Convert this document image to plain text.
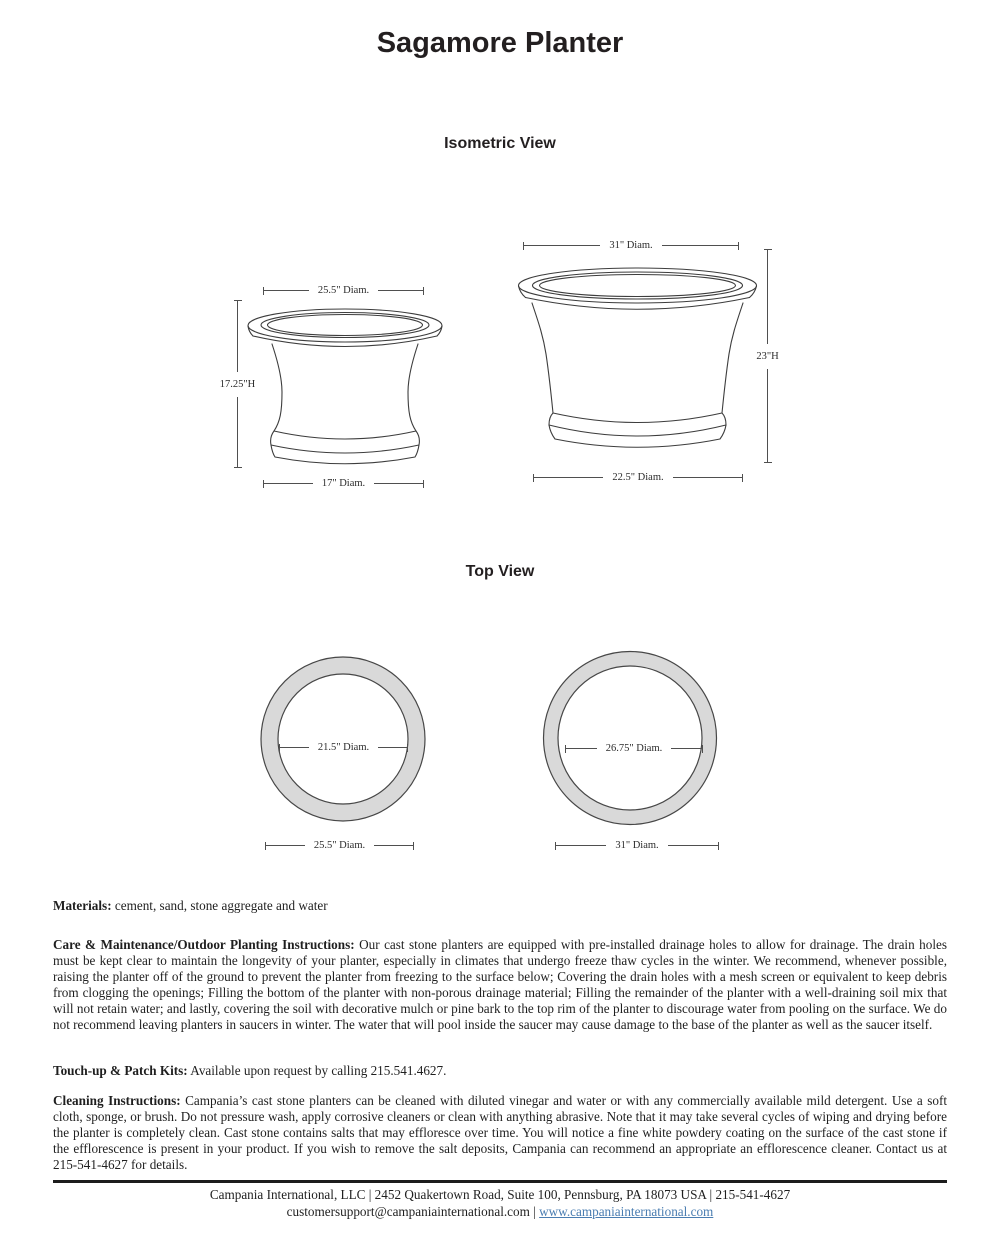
Sagamore Planter
Isometric View
25.5" Diam.
17.25"H
17" Diam.
31" Diam.
23"H
22.5" Diam.
Top View
21.5" Diam.
25.5" Diam.
26.75" Diam.
31" Diam.

Materials: cement, sand, stone aggregate and water

Care & Maintenance/Outdoor Planting Instructions: Our cast stone planters are equipped with pre-installed drainage holes to allow for drainage. The drain holes must be kept clear to maintain the longevity of your planter, especially in climates that undergo freeze thaw cycles in the winter. We recommend, whenever possible, raising the planter off of the ground to prevent the planter from freezing to the surface below; Covering the drain holes with a mesh screen or equivalent to keep debris from clogging the openings; Filling the bottom of the planter with non-porous drainage material; Filling the remainder of the planter with a well-draining soil mix that will not retain water; and lastly, covering the soil with decorative mulch or pine bark to the top rim of the planter to discourage water from pooling on the surface. We do not recommend leaving planters in saucers in winter. The water that will pool inside the saucer may cause damage to the base of the planter as well as the saucer itself.

Touch-up & Patch Kits: Available upon request by calling 215.541.4627.

Cleaning Instructions: Campania’s cast stone planters can be cleaned with diluted vinegar and water or with any commercially available mild detergent. Use a soft cloth, sponge, or brush. Do not pressure wash, apply corrosive cleaners or clean with anything abrasive. Note that it may take several cycles of wiping and drying before the planter is completely clean. Cast stone contains salts that may effloresce over time. You will notice a fine white powdery coating on the surface of the cast stone if the efflorescence is present in your product. If you wish to remove the salt deposits, Campania can recommend an appropriate an efflorescence cleaner. Contact us at 215-541-4627 for details.

Campania International, LLC | 2452 Quakertown Road, Suite 100, Pennsburg, PA 18073 USA | 215-541-4627
customersupport@campaniainternational.com | www.campaniainternational.com
